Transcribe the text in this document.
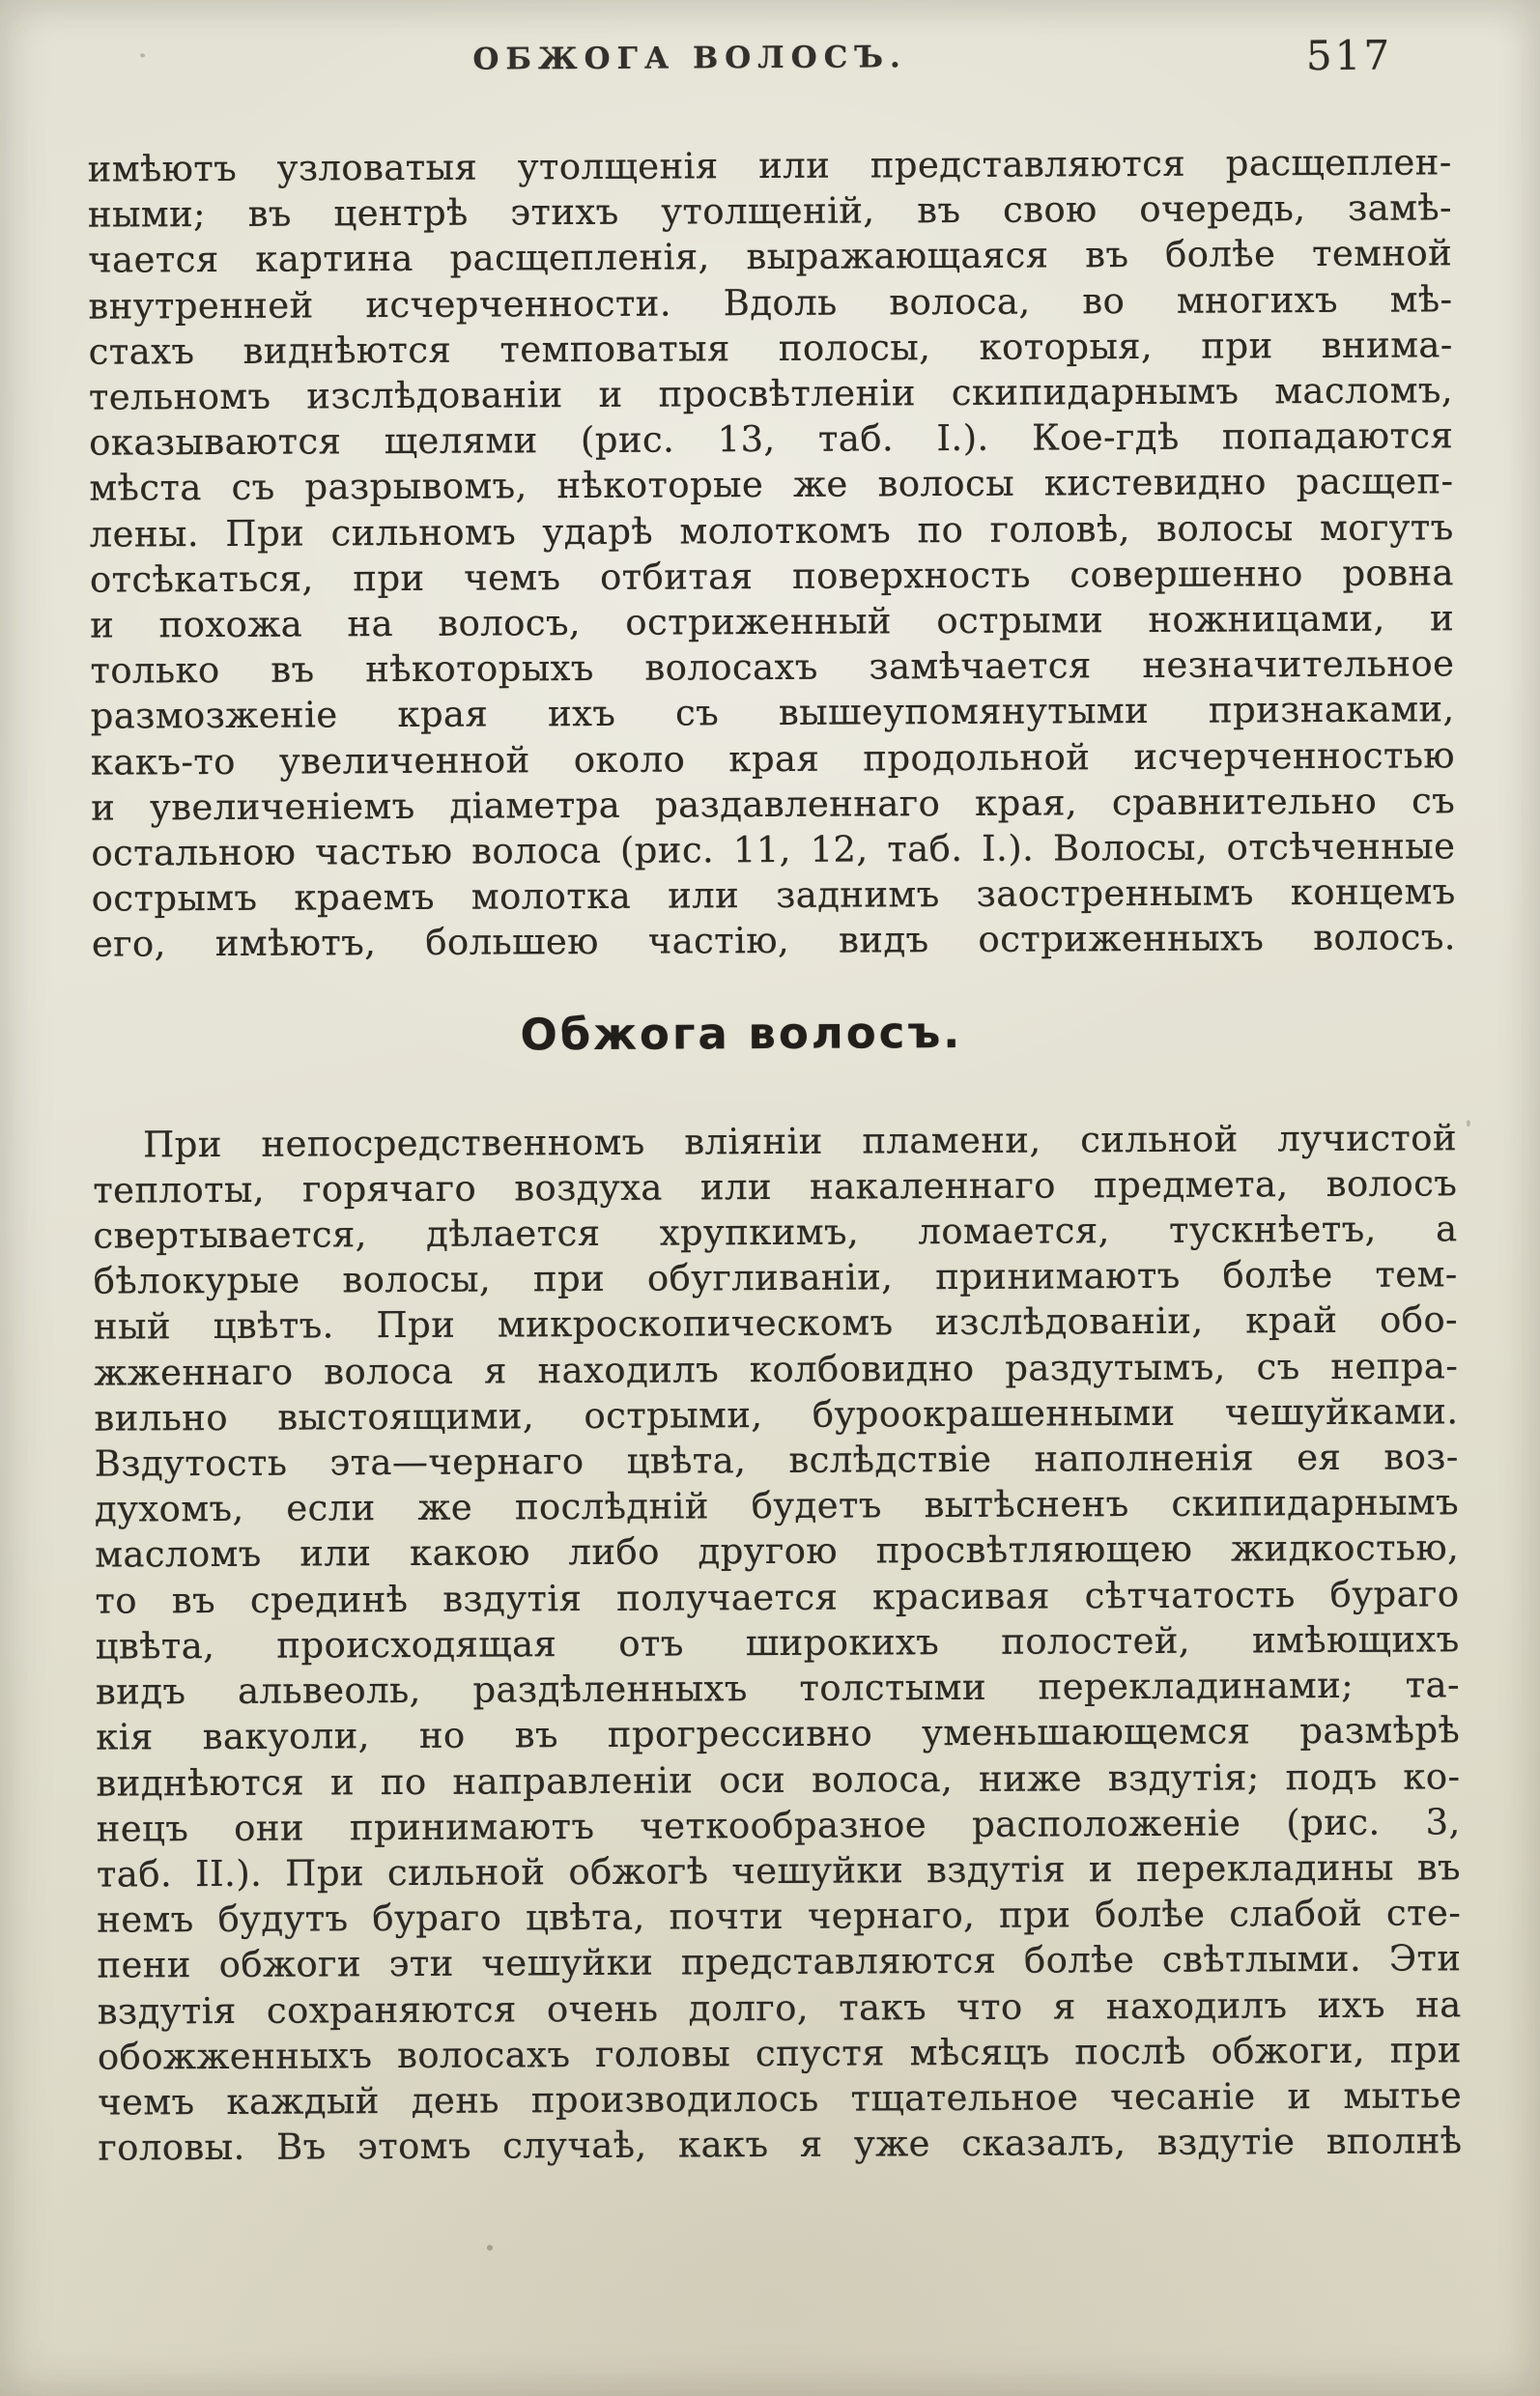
ОБЖОГА ВОЛОСЪ.	517
имѣютъ узловатыя утолщенія или представляются расщеплен-
ными; въ центрѣ этихъ утолщеній, въ свою очередь, замѣ-
чается картина расщепленія, выражающаяся въ болѣе темной
внутренней исчерченности. Вдоль волоса, во многихъ мѣ-
стахъ виднѣются темповатыя полосы, которыя, при внима-
тельномъ изслѣдованіи и просвѣтленіи скипидарнымъ масломъ,
оказываются щелями (рис. 13, таб. I.). Кое-гдѣ попадаются
мѣста съ разрывомъ, нѣкоторые же волосы кистевидно расщеп-
лены. При сильномъ ударѣ молоткомъ по головѣ, волосы могутъ
отсѣкаться, при чемъ отбитая поверхность совершенно ровна
и похожа на волосъ, остриженный острыми ножницами, и
только въ нѣкоторыхъ волосахъ замѣчается незначительное
размозженіе края ихъ съ вышеупомянутыми признаками,
какъ-то увеличенной около края продольной исчерченностью
и увеличеніемъ діаметра раздавленнаго края, сравнительно съ
остальною частью волоса (рис. 11, 12, таб. I.). Волосы, отсѣченные
острымъ краемъ молотка или заднимъ заостреннымъ концемъ
его, имѣютъ, большею частію, видъ остриженныхъ волосъ.
Обжога волосъ.
При непосредственномъ вліяніи пламени, сильной лучистой
теплоты, горячаго воздуха или накаленнаго предмета, волосъ
свертывается, дѣлается хрупкимъ, ломается, тускнѣетъ, а
бѣлокурые волосы, при обугливаніи, принимаютъ болѣе тем-
ный цвѣтъ. При микроскопическомъ изслѣдованіи, край обо-
жженнаго волоса я находилъ колбовидно раздутымъ, съ непра-
вильно выстоящими, острыми, буроокрашенными чешуйками.
Вздутость эта—чернаго цвѣта, вслѣдствіе наполненія ея воз-
духомъ, если же послѣдній будетъ вытѣсненъ скипидарнымъ
масломъ или какою либо другою просвѣтляющею жидкостью,
то въ срединѣ вздутія получается красивая сѣтчатость бураго
цвѣта, происходящая отъ широкихъ полостей, имѣющихъ
видъ альвеоль, раздѣленныхъ толстыми перекладинами; та-
кія вакуоли, но въ прогрессивно уменьшающемся размѣрѣ
виднѣются и по направленіи оси волоса, ниже вздутія; подъ ко-
нецъ они принимаютъ четкообразное расположеніе (рис. 3,
таб. II.). При сильной обжогѣ чешуйки вздутія и перекладины въ
немъ будутъ бураго цвѣта, почти чернаго, при болѣе слабой сте-
пени обжоги эти чешуйки представляются болѣе свѣтлыми. Эти
вздутія сохраняются очень долго, такъ что я находилъ ихъ на
обожженныхъ волосахъ головы спустя мѣсяцъ послѣ обжоги, при
чемъ каждый день производилось тщательное чесаніе и мытье
головы. Въ этомъ случаѣ, какъ я уже сказалъ, вздутіе вполнѣ
